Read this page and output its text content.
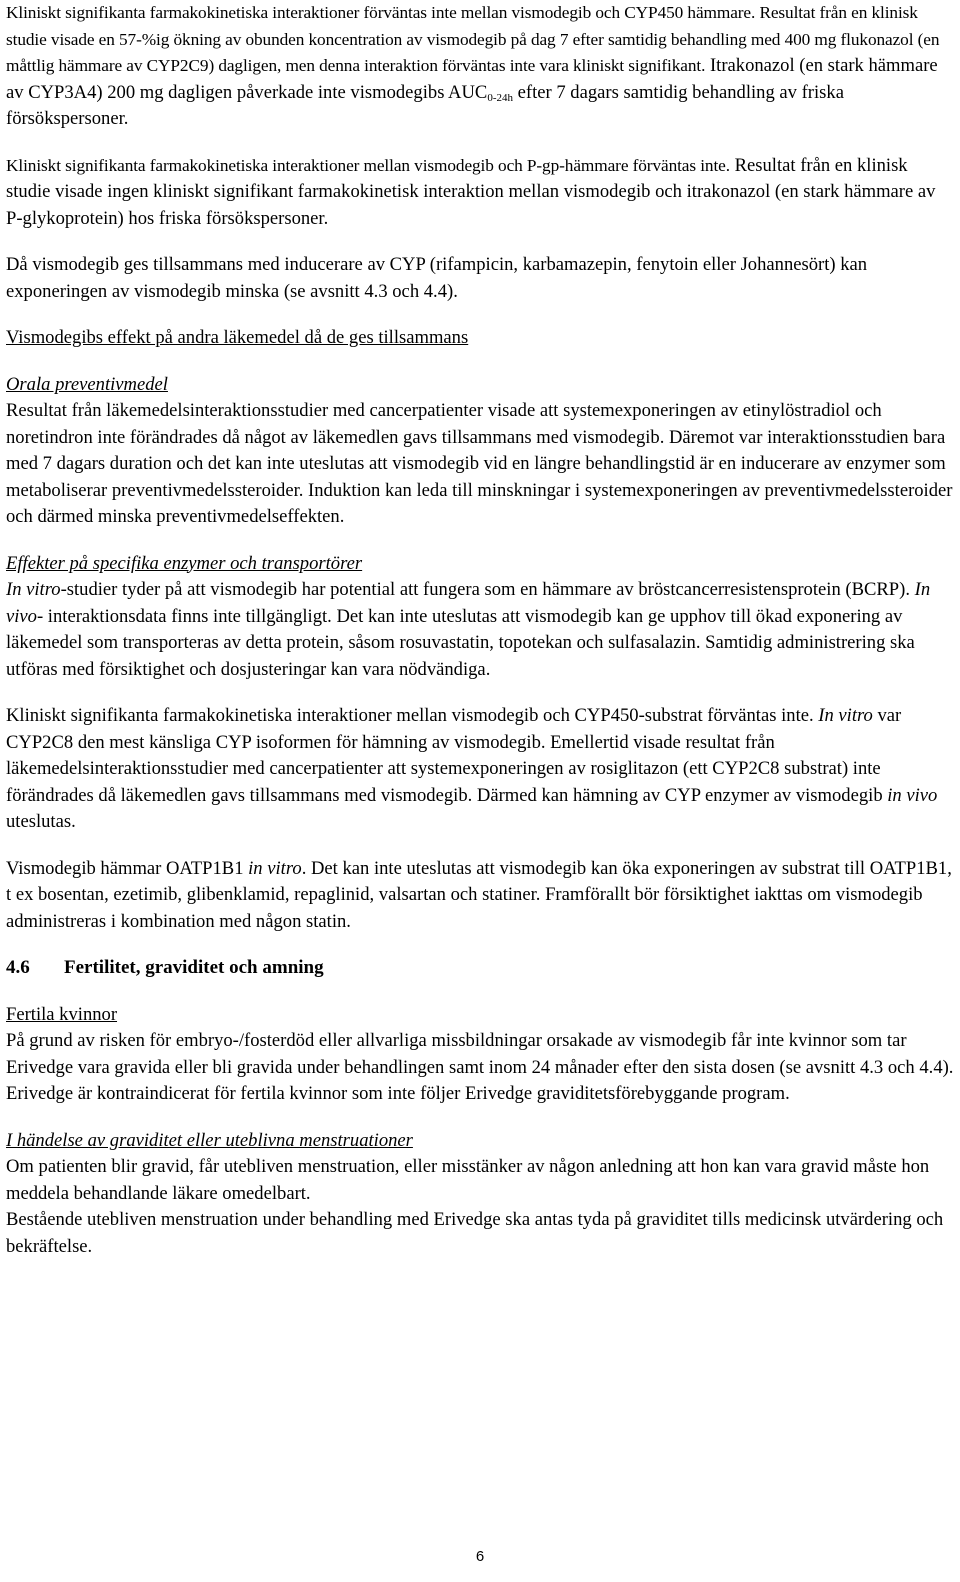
Kliniskt signifikanta farmakokinetiska interaktioner förväntas inte mellan vismodegib och CYP450 hämmare. Resultat från en klinisk studie visade en 57-%ig ökning av obunden koncentration av vismodegib på dag 7 efter samtidig behandling med 400 mg flukonazol (en måttlig hämmare av CYP2C9) dagligen, men denna interaktion förväntas inte vara kliniskt signifikant. Itrakonazol (en stark hämmare av CYP3A4) 200 mg dagligen påverkade inte vismodegibs $AUC_{0-24h}$ efter 7 dagars samtidig behandling av friska försökspersoner.

Kliniskt signifikanta farmakokinetiska interaktioner mellan vismodegib och P-gp-hämmare förväntas inte. Resultat från en klinisk studie visade ingen kliniskt signifikant farmakokinetisk interaktion mellan vismodegib och itrakonazol (en stark hämmare av P-glykoprotein) hos friska försökspersoner.

Då vismodegib ges tillsammans med inducerare av CYP (rifampicin, karbamazepin, fenytoin eller Johannesört) kan exponeringen av vismodegib minska (se avsnitt 4.3 och 4.4).

Vismodegibs effekt på andra läkemedel då de ges tillsammans

Orala preventivmedel

Resultat från läkemedelsinteraktionsstudier med cancerpatienter visade att systemexponeringen av etinylöstradiol och noretindron inte förändrades då något av läkemedlen gavs tillsammans med vismodegib. Däremot var interaktionsstudien bara med 7 dagars duration och det kan inte uteslutas att vismodegib vid en längre behandlingstid är en inducerare av enzymer som metaboliserar preventivmedelssteroider. Induktion kan leda till minskningar i systemexponeringen av preventivmedelssteroider och därmed minska preventivmedelseffekten.

Effekter på specifika enzymer och transportörer

In vitro-studier tyder på att vismodegib har potential att fungera som en hämmare av bröstcancerresistensprotein (BCRP). In vivo- interaktionsdata finns inte tillgängligt. Det kan inte uteslutas att vismodegib kan ge upphov till ökad exponering av läkemedel som transporteras av detta protein, såsom rosuvastatin, topotekan och sulfasalazin. Samtidig administrering ska utföras med försiktighet och dosjusteringar kan vara nödvändiga.

Kliniskt signifikanta farmakokinetiska interaktioner mellan vismodegib och CYP450-substrat förväntas inte. In vitro var CYP2C8 den mest känsliga CYP isoformen för hämning av vismodegib. Emellertid visade resultat från läkemedelsinteraktionsstudier med cancerpatienter att systemexponeringen av rosiglitazon (ett CYP2C8 substrat) inte förändrades då läkemedlen gavs tillsammans med vismodegib. Därmed kan hämning av CYP enzymer av vismodegib in vivo uteslutas.

Vismodegib hämmar OATP1B1 in vitro. Det kan inte uteslutas att vismodegib kan öka exponeringen av substrat till OATP1B1, t ex bosentan, ezetimib, glibenklamid, repaglinid, valsartan och statiner. Framförallt bör försiktighet iakttas om vismodegib administreras i kombination med någon statin.

4.6	Fertilitet, graviditet och amning

Fertila kvinnor

På grund av risken för embryo-/fosterdöd eller allvarliga missbildningar orsakade av vismodegib får inte kvinnor som tar Erivedge vara gravida eller bli gravida under behandlingen samt inom 24 månader efter den sista dosen (se avsnitt 4.3 och 4.4).

Erivedge är kontraindicerat för fertila kvinnor som inte följer Erivedge graviditetsförebyggande program.

I händelse av graviditet eller uteblivna menstruationer

Om patienten blir gravid, får utebliven menstruation, eller misstänker av någon anledning att hon kan vara gravid måste hon meddela behandlande läkare omedelbart.

Bestående utebliven menstruation under behandling med Erivedge ska antas tyda på graviditet tills medicinsk utvärdering och bekräftelse.

6
